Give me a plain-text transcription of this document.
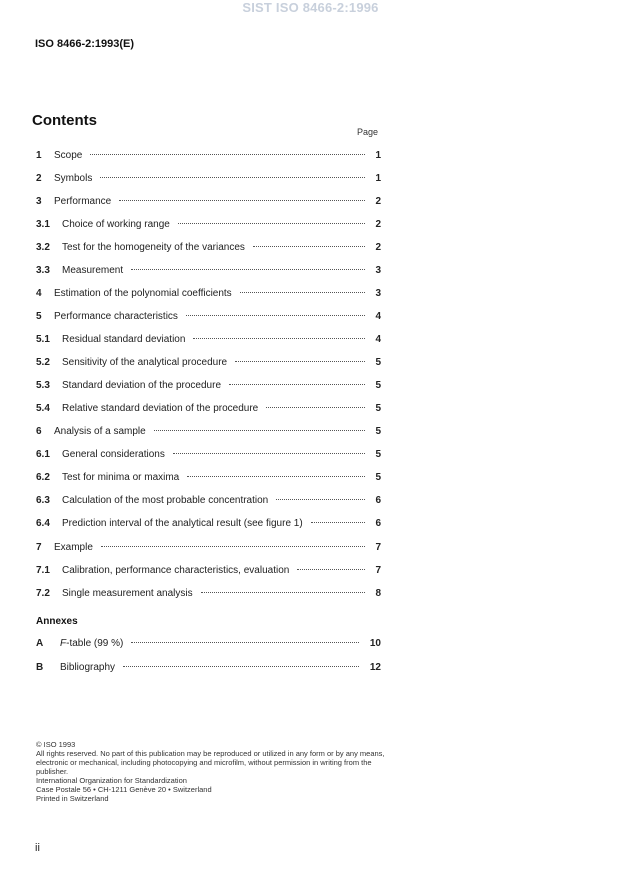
SIST ISO 8466-2:1996
ISO 8466-2:1993(E)
Contents
Page
1	Scope	1
2	Symbols	1
3	Performance	2
3.1	Choice of working range	2
3.2	Test for the homogeneity of the variances	2
3.3	Measurement	3
4	Estimation of the polynomial coefficients	3
5	Performance characteristics	4
5.1	Residual standard deviation	4
5.2	Sensitivity of the analytical procedure	5
5.3	Standard deviation of the procedure	5
5.4	Relative standard deviation of the procedure	5
6	Analysis of a sample	5
6.1	General considerations	5
6.2	Test for minima or maxima	5
6.3	Calculation of the most probable concentration	6
6.4	Prediction interval of the analytical result (see figure 1)	6
7	Example	7
7.1	Calibration, performance characteristics, evaluation	7
7.2	Single measurement analysis	8
Annexes
A	F-table (99 %)	10
B	Bibliography	12

© ISO 1993

All rights reserved. No part of this publication may be reproduced or utilized in any form or by any means, electronic or mechanical, including photocopying and microfilm, without permission in writing from the publisher.

International Organization for Standardization

Case Postale 56 • CH-1211 Genève 20 • Switzerland

Printed in Switzerland

ii
